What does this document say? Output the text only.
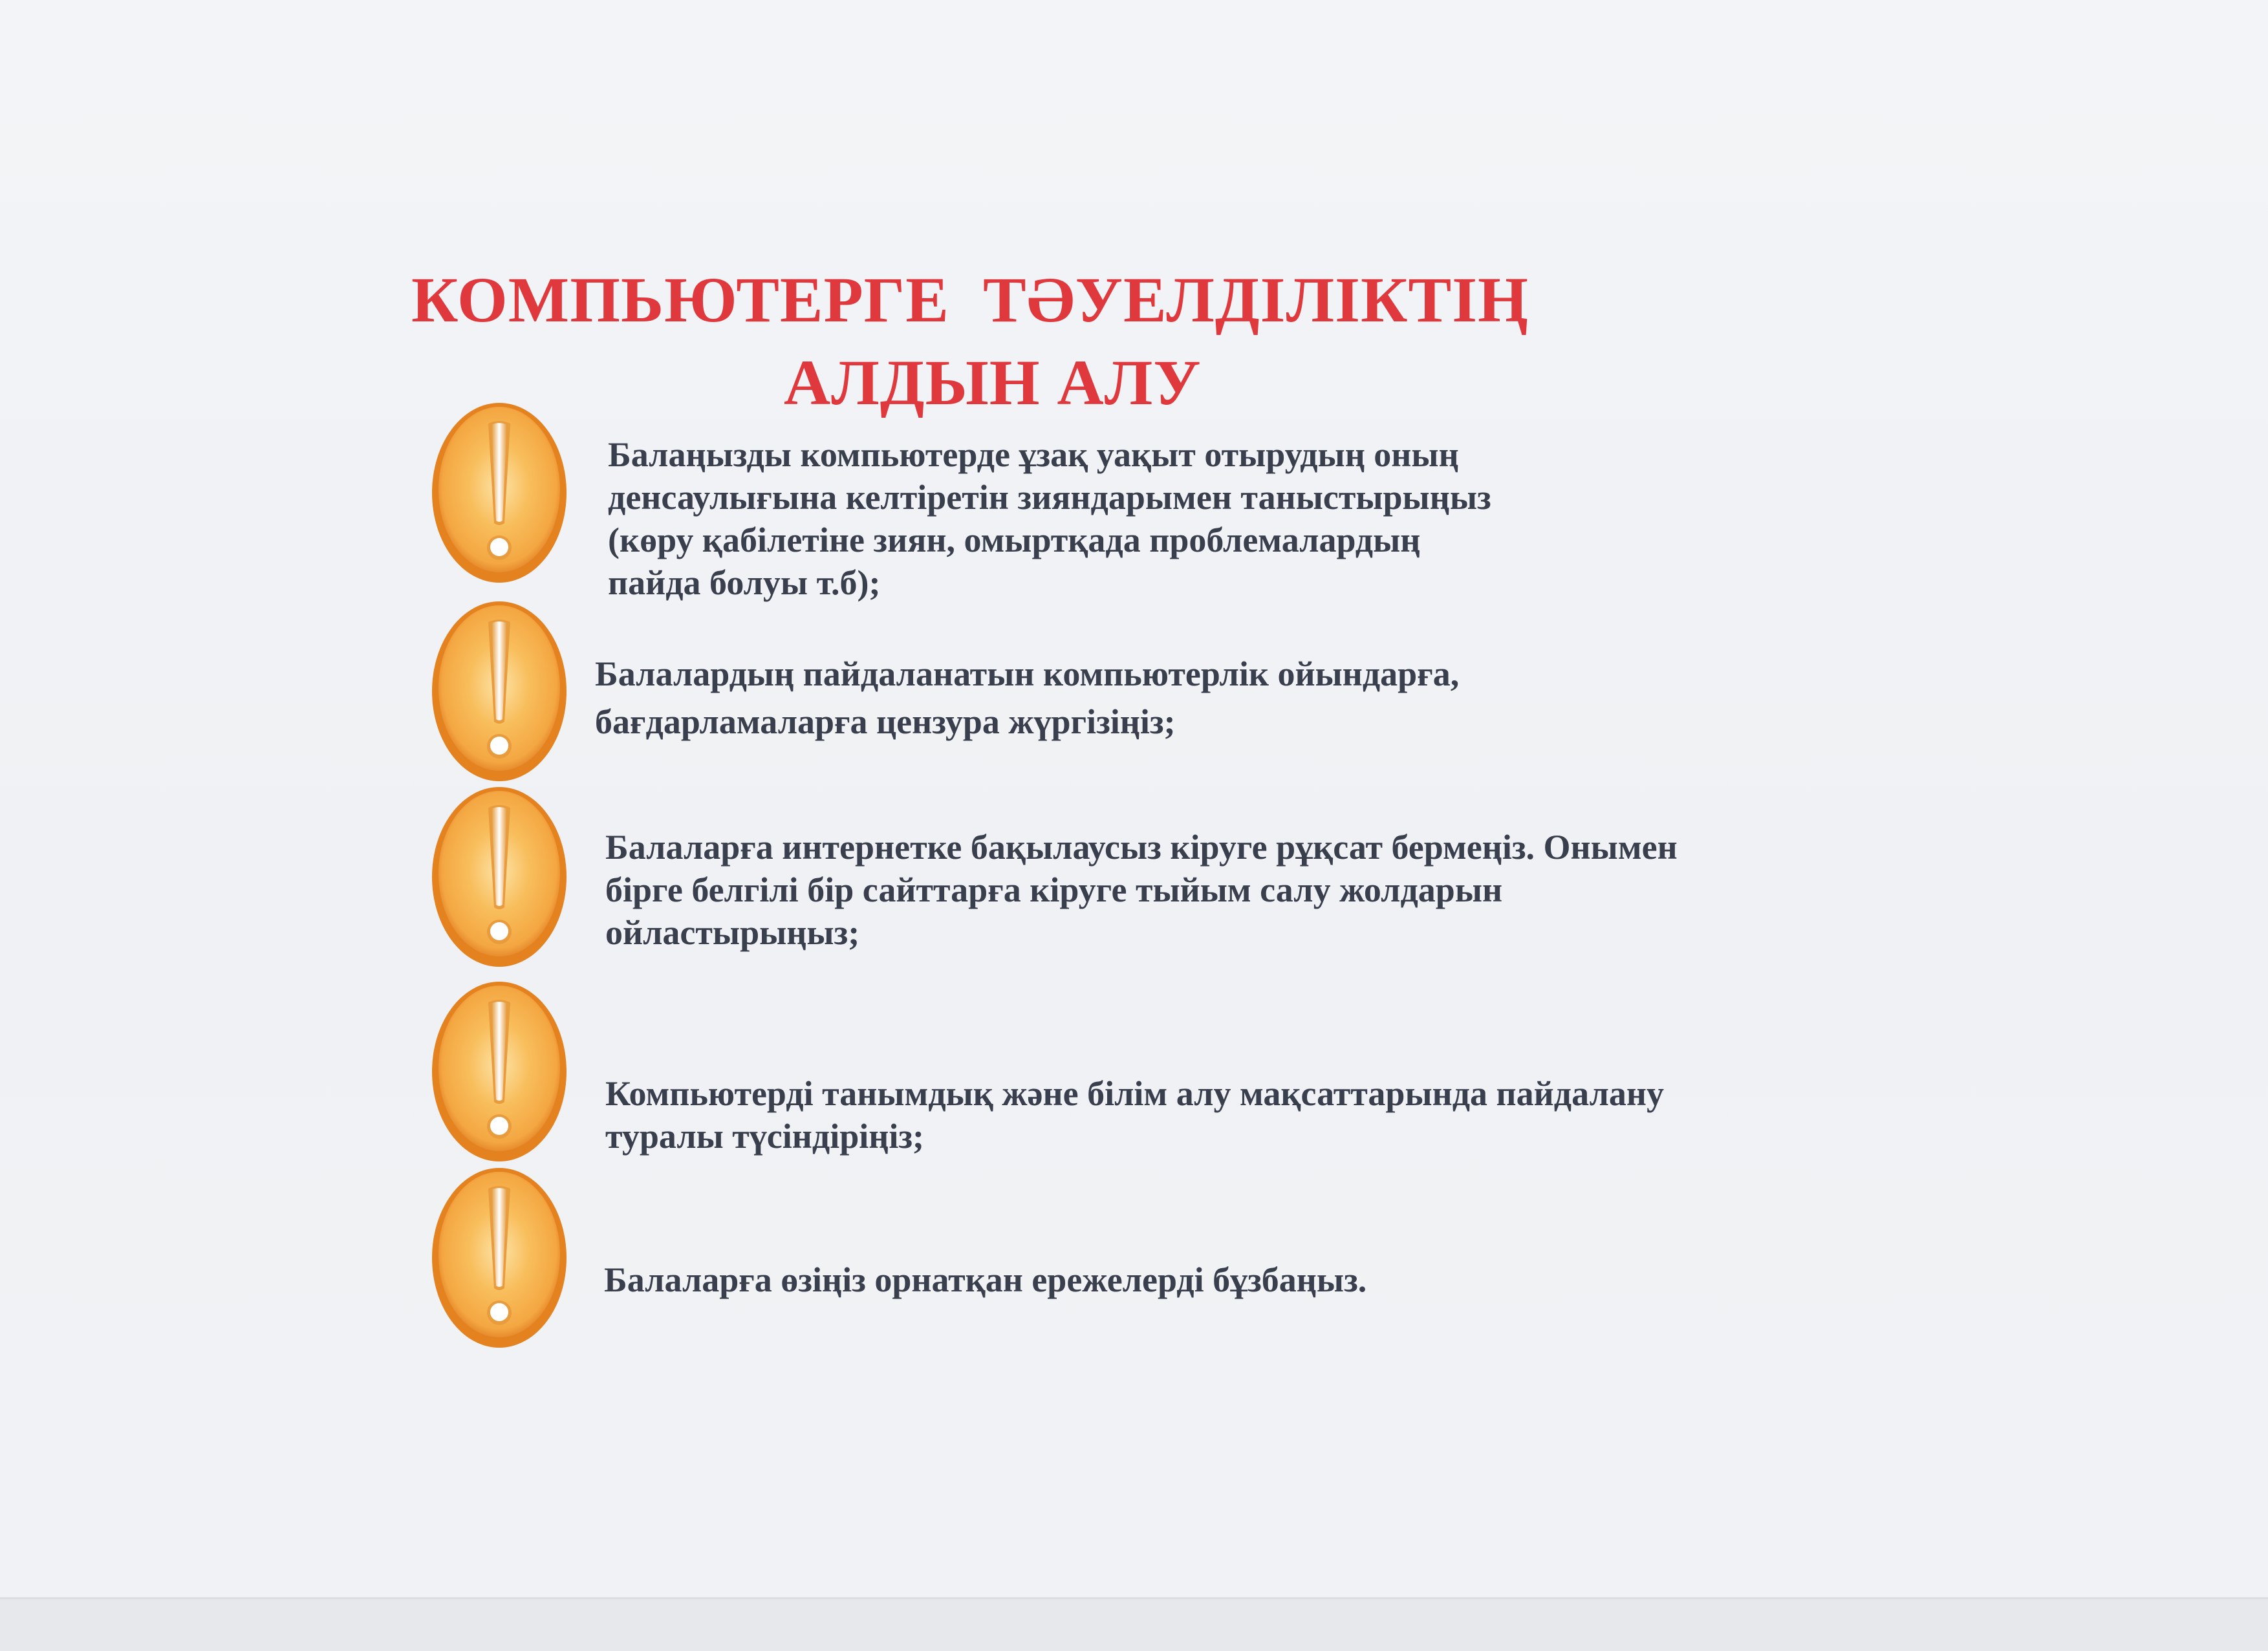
КОМПЬЮТЕРГЕ  ТӘУЕЛДІЛІКТІҢ
АЛДЫН АЛУ

Балаңызды компьютерде ұзақ уақыт отырудың оның
денсаулығына келтіретін зияндарымен таныстырыңыз
(көру қабілетіне зиян, омыртқада проблемалардың
пайда болуы т.б);

Балалардың пайдаланатын компьютерлік ойындарға,
бағдарламаларға цензура жүргізіңіз;

Балаларға интернетке бақылаусыз кіруге рұқсат бермеңіз. Онымен
бірге белгілі бір сайттарға кіруге тыйым салу жолдарын
ойластырыңыз;

Компьютерді танымдық және білім алу мақсаттарында пайдалану
туралы түсіндіріңіз;

Балаларға өзіңіз орнатқан ережелерді бұзбаңыз.
